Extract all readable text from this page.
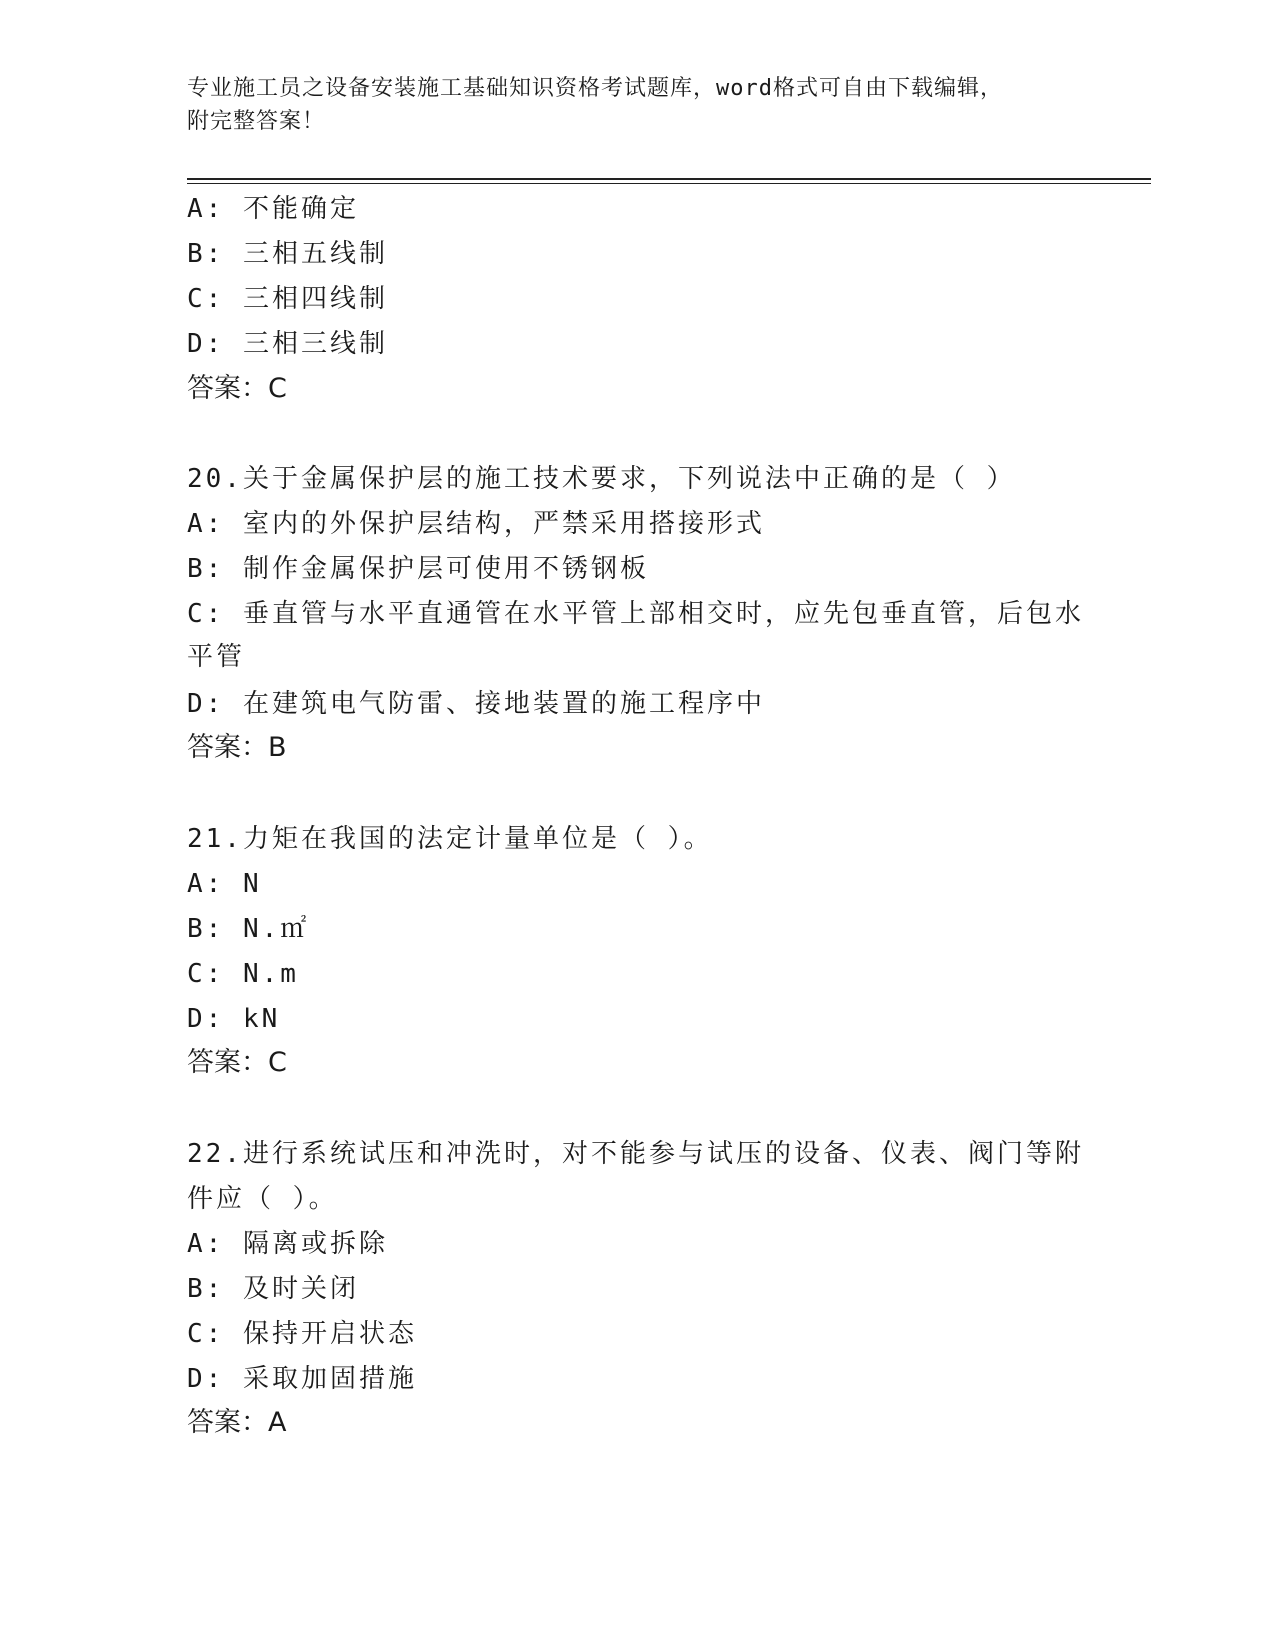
专业施工员之设备安装施工基础知识资格考试题库，word格式可自由下载编辑，
附完整答案！
A: 不能确定
B: 三相五线制
C: 三相四线制
D: 三相三线制
答案：C
20.关于金属保护层的施工技术要求，下列说法中正确的是（ ）
A: 室内的外保护层结构，严禁采用搭接形式
B: 制作金属保护层可使用不锈钢板
C: 垂直管与水平直通管在水平管上部相交时，应先包垂直管，后包水
平管
D: 在建筑电气防雷、接地装置的施工程序中
答案：B
21.力矩在我国的法定计量单位是（ ）。
A: N
B: N.㎡
C: N.m
D: kN
答案：C
22.进行系统试压和冲洗时，对不能参与试压的设备、仪表、阀门等附
件应（ ）。
A: 隔离或拆除
B: 及时关闭
C: 保持开启状态
D: 采取加固措施
答案：A
